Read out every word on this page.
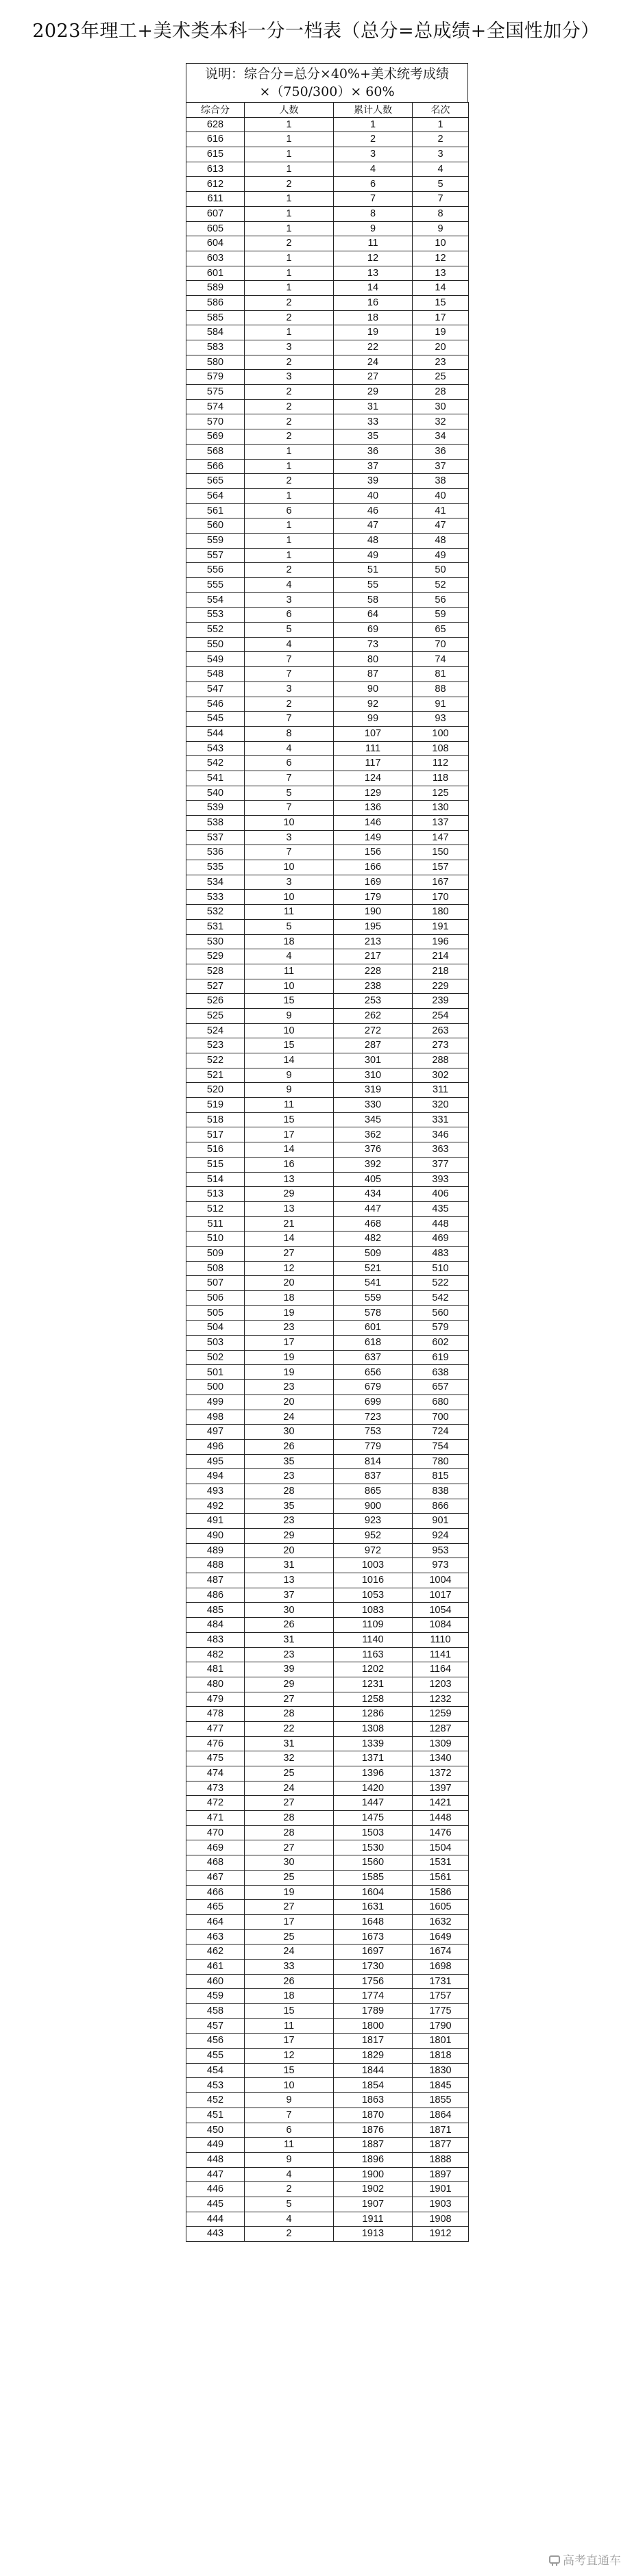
2023年理工+美术类本科一分一档表（总分=总成绩+全国性加分）
说明：综合分=总分×40%+美术统考成绩
×（750/300）× 60%
综合分	人数	累计人数	名次
628	1	1	1
616	1	2	2
615	1	3	3
613	1	4	4
612	2	6	5
611	1	7	7
607	1	8	8
605	1	9	9
604	2	11	10
603	1	12	12
601	1	13	13
589	1	14	14
586	2	16	15
585	2	18	17
584	1	19	19
583	3	22	20
580	2	24	23
579	3	27	25
575	2	29	28
574	2	31	30
570	2	33	32
569	2	35	34
568	1	36	36
566	1	37	37
565	2	39	38
564	1	40	40
561	6	46	41
560	1	47	47
559	1	48	48
557	1	49	49
556	2	51	50
555	4	55	52
554	3	58	56
553	6	64	59
552	5	69	65
550	4	73	70
549	7	80	74
548	7	87	81
547	3	90	88
546	2	92	91
545	7	99	93
544	8	107	100
543	4	111	108
542	6	117	112
541	7	124	118
540	5	129	125
539	7	136	130
538	10	146	137
537	3	149	147
536	7	156	150
535	10	166	157
534	3	169	167
533	10	179	170
532	11	190	180
531	5	195	191
530	18	213	196
529	4	217	214
528	11	228	218
527	10	238	229
526	15	253	239
525	9	262	254
524	10	272	263
523	15	287	273
522	14	301	288
521	9	310	302
520	9	319	311
519	11	330	320
518	15	345	331
517	17	362	346
516	14	376	363
515	16	392	377
514	13	405	393
513	29	434	406
512	13	447	435
511	21	468	448
510	14	482	469
509	27	509	483
508	12	521	510
507	20	541	522
506	18	559	542
505	19	578	560
504	23	601	579
503	17	618	602
502	19	637	619
501	19	656	638
500	23	679	657
499	20	699	680
498	24	723	700
497	30	753	724
496	26	779	754
495	35	814	780
494	23	837	815
493	28	865	838
492	35	900	866
491	23	923	901
490	29	952	924
489	20	972	953
488	31	1003	973
487	13	1016	1004
486	37	1053	1017
485	30	1083	1054
484	26	1109	1084
483	31	1140	1110
482	23	1163	1141
481	39	1202	1164
480	29	1231	1203
479	27	1258	1232
478	28	1286	1259
477	22	1308	1287
476	31	1339	1309
475	32	1371	1340
474	25	1396	1372
473	24	1420	1397
472	27	1447	1421
471	28	1475	1448
470	28	1503	1476
469	27	1530	1504
468	30	1560	1531
467	25	1585	1561
466	19	1604	1586
465	27	1631	1605
464	17	1648	1632
463	25	1673	1649
462	24	1697	1674
461	33	1730	1698
460	26	1756	1731
459	18	1774	1757
458	15	1789	1775
457	11	1800	1790
456	17	1817	1801
455	12	1829	1818
454	15	1844	1830
453	10	1854	1845
452	9	1863	1855
451	7	1870	1864
450	6	1876	1871
449	11	1887	1877
448	9	1896	1888
447	4	1900	1897
446	2	1902	1901
445	5	1907	1903
444	4	1911	1908
443	2	1913	1912
高考直通车
